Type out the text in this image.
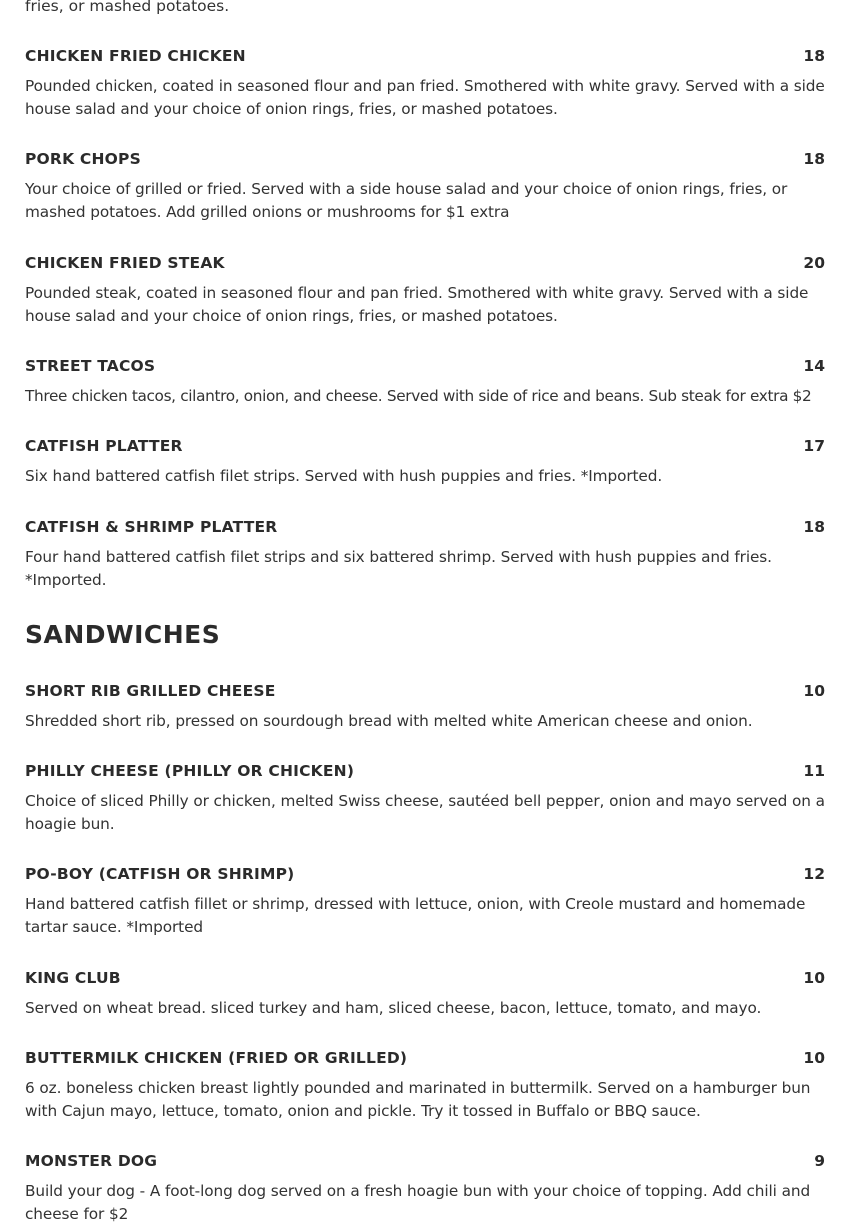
fries, or mashed potatoes.
CHICKEN FRIED CHICKEN	18
Pounded chicken, coated in seasoned flour and pan fried. Smothered with white gravy. Served with a side house salad and your choice of onion rings, fries, or mashed potatoes.
PORK CHOPS	18
Your choice of grilled or fried. Served with a side house salad and your choice of onion rings, fries, or mashed potatoes. Add grilled onions or mushrooms for $1 extra
CHICKEN FRIED STEAK	20
Pounded steak, coated in seasoned flour and pan fried. Smothered with white gravy. Served with a side house salad and your choice of onion rings, fries, or mashed potatoes.
STREET TACOS	14
Three chicken tacos, cilantro, onion, and cheese. Served with side of rice and beans. Sub steak for extra $2
CATFISH PLATTER	17
Six hand battered catfish filet strips. Served with hush puppies and fries. *Imported.
CATFISH & SHRIMP PLATTER	18
Four hand battered catfish filet strips and six battered shrimp. Served with hush puppies and fries. *Imported.
SANDWICHES
SHORT RIB GRILLED CHEESE	10
Shredded short rib, pressed on sourdough bread with melted white American cheese and onion.
PHILLY CHEESE (PHILLY OR CHICKEN)	11
Choice of sliced Philly or chicken, melted Swiss cheese, sautéed bell pepper, onion and mayo served on a hoagie bun.
PO-BOY (CATFISH OR SHRIMP)	12
Hand battered catfish fillet or shrimp, dressed with lettuce, onion, with Creole mustard and homemade tartar sauce. *Imported
KING CLUB	10
Served on wheat bread. sliced turkey and ham, sliced cheese, bacon, lettuce, tomato, and mayo.
BUTTERMILK CHICKEN (FRIED OR GRILLED)	10
6 oz. boneless chicken breast lightly pounded and marinated in buttermilk. Served on a hamburger bun with Cajun mayo, lettuce, tomato, onion and pickle. Try it tossed in Buffalo or BBQ sauce.
MONSTER DOG	9
Build your dog - A foot-long dog served on a fresh hoagie bun with your choice of topping. Add chili and cheese for $2
